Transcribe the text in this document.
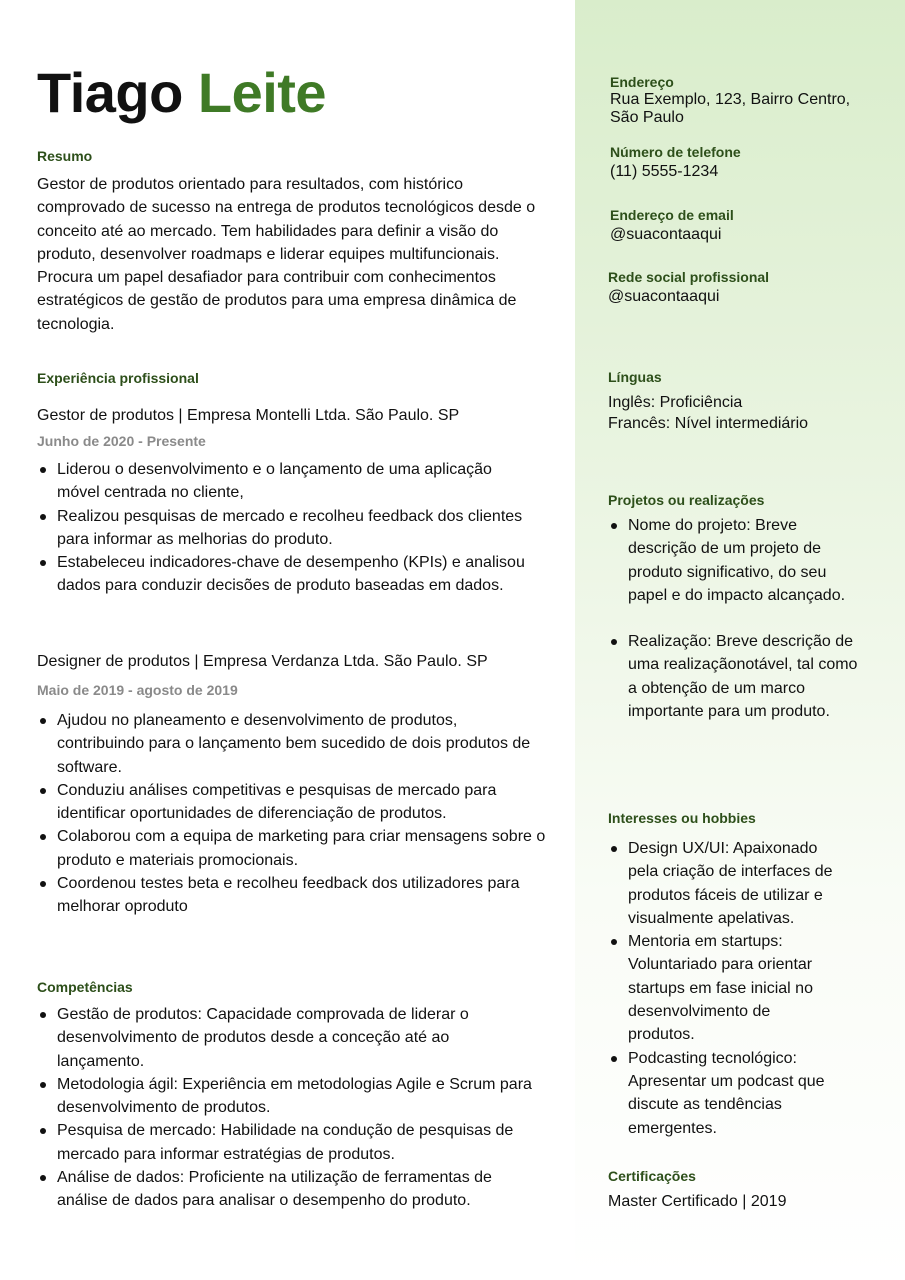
Tiago Leite
Resumo
Gestor de produtos orientado para resultados, com histórico comprovado de sucesso na entrega de produtos tecnológicos desde o conceito até ao mercado. Tem habilidades para definir a visão do produto, desenvolver roadmaps e liderar equipes multifuncionais. Procura um papel desafiador para contribuir com conhecimentos estratégicos de gestão de produtos para uma empresa dinâmica de tecnologia.
Experiência profissional
Gestor de produtos | Empresa Montelli Ltda. São Paulo. SP
Junho de 2020 - Presente
Liderou o desenvolvimento e o lançamento de uma aplicação móvel centrada no cliente,
Realizou pesquisas de mercado e recolheu feedback dos clientes para informar as melhorias do produto.
Estabeleceu indicadores-chave de desempenho (KPIs) e analisou dados para conduzir decisões de produto baseadas em dados.
Designer de produtos | Empresa Verdanza Ltda. São Paulo. SP
Maio de 2019 - agosto de 2019
Ajudou no planeamento e desenvolvimento de produtos, contribuindo para o lançamento bem sucedido de dois produtos de software.
Conduziu análises competitivas e pesquisas de mercado para identificar oportunidades de diferenciação de produtos.
Colaborou com a equipa de marketing para criar mensagens sobre o produto e materiais promocionais.
Coordenou testes beta e recolheu feedback dos utilizadores para melhorar oproduto
Competências
Gestão de produtos: Capacidade comprovada de liderar o desenvolvimento de produtos desde a conceção até ao lançamento.
Metodologia ágil: Experiência em metodologias Agile e Scrum para desenvolvimento de produtos.
Pesquisa de mercado: Habilidade na condução de pesquisas de mercado para informar estratégias de produtos.
Análise de dados: Proficiente na utilização de ferramentas de análise de dados para analisar o desempenho do produto.
Endereço
Rua Exemplo, 123, Bairro Centro,
São Paulo
Número de telefone
(11) 5555-1234
Endereço de email
@suacontaaqui
Rede social profissional
@suacontaaqui
Línguas
Inglês: Proficiência
Francês: Nível intermediário
Projetos ou realizações
Nome do projeto: Breve descrição de um projeto de produto significativo, do seu papel e do impacto alcançado.
Realização: Breve descrição de uma realizaçãonotável, tal como a obtenção de um marco importante para um produto.
Interesses ou hobbies
Design UX/UI: Apaixonado pela criação de interfaces de produtos fáceis de utilizar e visualmente apelativas.
Mentoria em startups: Voluntariado para orientar startups em fase inicial no desenvolvimento de produtos.
Podcasting tecnológico: Apresentar um podcast que discute as tendências emergentes.
Certificações
Master Certificado | 2019
